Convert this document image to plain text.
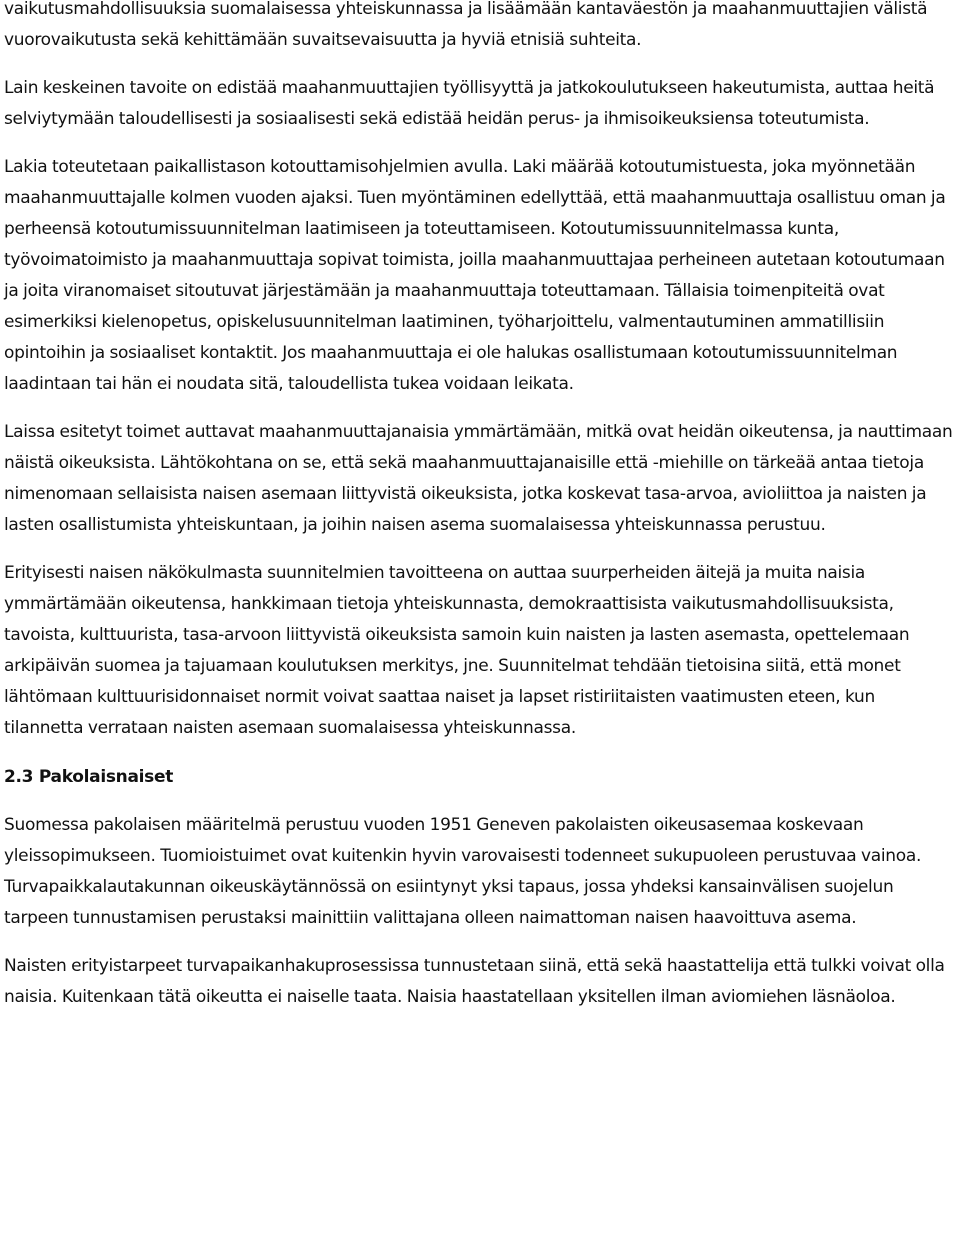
vaikutusmahdollisuuksia suomalaisessa yhteiskunnassa ja lisäämään kantaväestön ja maahanmuuttajien välistä vuorovaikutusta sekä kehittämään suvaitsevaisuutta ja hyviä etnisiä suhteita.

Lain keskeinen tavoite on edistää maahanmuuttajien työllisyyttä ja jatkokoulutukseen hakeutumista, auttaa heitä selviytymään taloudellisesti ja sosiaalisesti sekä edistää heidän perus- ja ihmisoikeuksiensa toteutumista.

Lakia toteutetaan paikallistason kotouttamisohjelmien avulla. Laki määrää kotoutumistuesta, joka myönnetään maahanmuuttajalle kolmen vuoden ajaksi. Tuen myöntäminen edellyttää, että maahanmuuttaja osallistuu oman ja perheensä kotoutumissuunnitelman laatimiseen ja toteuttamiseen. Kotoutumissuunnitelmassa kunta, työvoimatoimisto ja maahanmuuttaja sopivat toimista, joilla maahanmuuttajaa perheineen autetaan kotoutumaan ja joita viranomaiset sitoutuvat järjestämään ja maahanmuuttaja toteuttamaan. Tällaisia toimenpiteitä ovat esimerkiksi kielenopetus, opiskelusuunnitelman laatiminen, työharjoittelu, valmentautuminen ammatillisiin opintoihin ja sosiaaliset kontaktit. Jos maahanmuuttaja ei ole halukas osallistumaan kotoutumissuunnitelman laadintaan tai hän ei noudata sitä, taloudellista tukea voidaan leikata.

Laissa esitetyt toimet auttavat maahanmuuttajanaisia ymmärtämään, mitkä ovat heidän oikeutensa, ja nauttimaan näistä oikeuksista. Lähtökohtana on se, että sekä maahanmuuttajanaisille että -miehille on tärkeää antaa tietoja nimenomaan sellaisista naisen asemaan liittyvistä oikeuksista, jotka koskevat tasa-arvoa, avioliittoa ja naisten ja lasten osallistumista yhteiskuntaan, ja joihin naisen asema suomalaisessa yhteiskunnassa perustuu.

Erityisesti naisen näkökulmasta suunnitelmien tavoitteena on auttaa suurperheiden äitejä ja muita naisia ymmärtämään oikeutensa, hankkimaan tietoja yhteiskunnasta, demokraattisista vaikutusmahdollisuuksista, tavoista, kulttuurista, tasa-arvoon liittyvistä oikeuksista samoin kuin naisten ja lasten asemasta, opettelemaan arkipäivän suomea ja tajuamaan koulutuksen merkitys, jne. Suunnitelmat tehdään tietoisina siitä, että monet lähtömaan kulttuurisidonnaiset normit voivat saattaa naiset ja lapset ristiriitaisten vaatimusten eteen, kun tilannetta verrataan naisten asemaan suomalaisessa yhteiskunnassa.

2.3 Pakolaisnaiset

Suomessa pakolaisen määritelmä perustuu vuoden 1951 Geneven pakolaisten oikeusasemaa koskevaan yleissopimukseen. Tuomioistuimet ovat kuitenkin hyvin varovaisesti todenneet sukupuoleen perustuvaa vainoa. Turvapaikkalautakunnan oikeuskäytännössä on esiintynyt yksi tapaus, jossa yhdeksi kansainvälisen suojelun tarpeen tunnustamisen perustaksi mainittiin valittajana olleen naimattoman naisen haavoittuva asema.

Naisten erityistarpeet turvapaikanhakuprosessissa tunnustetaan siinä, että sekä haastattelija että tulkki voivat olla naisia. Kuitenkaan tätä oikeutta ei naiselle taata. Naisia haastatellaan yksitellen ilman aviomiehen läsnäoloa.
